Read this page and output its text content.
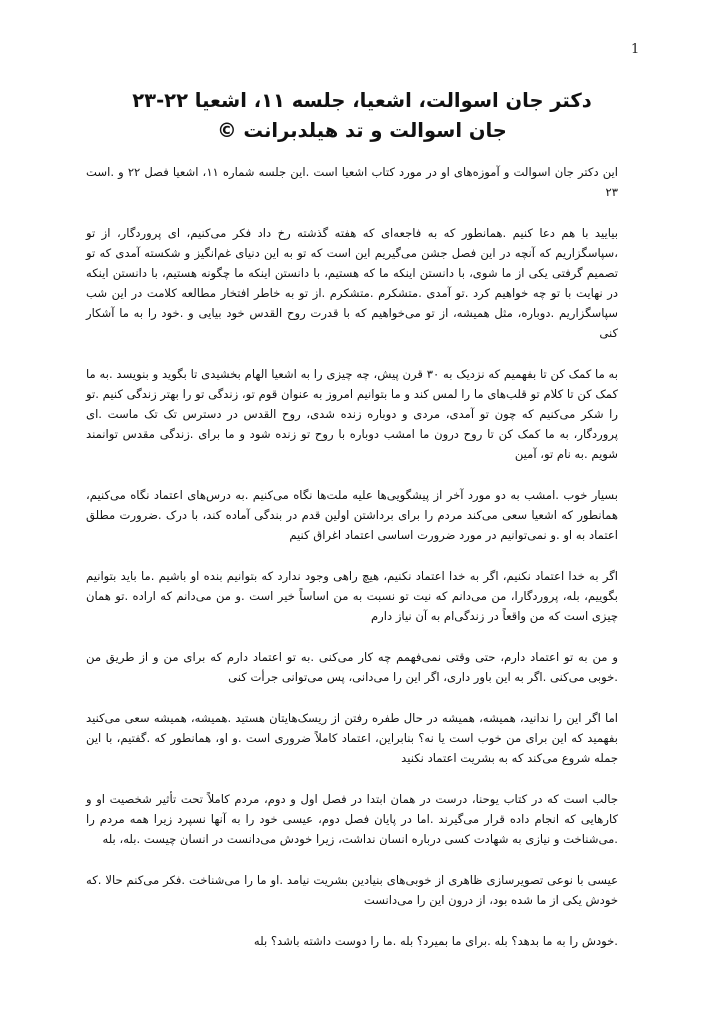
1

دکتر جان اسوالت، اشعیا، جلسه ۱۱، اشعیا ۲۲-۲۳

جان اسوالت و تد هیلدبرانت ©

این دکتر جان اسوالت و آموزه‌های او در مورد کتاب اشعیا است .این جلسه شماره ۱۱، اشعیا فصل ۲۲ و .است ۲۳

بیایید با هم دعا کنیم .همانطور که به فاجعه‌ای که هفته گذشته رخ داد فکر می‌کنیم، ای پروردگار، از تو ،سپاسگزاریم که آنچه در این فصل جشن می‌گیریم این است که تو به این دنیای غم‌انگیز و شکسته آمدی که تو تصمیم گرفتی یکی از ما شوی، با دانستن اینکه ما که هستیم، با دانستن اینکه ما چگونه هستیم، با دانستن اینکه در نهایت با تو چه خواهیم کرد .تو آمدی .متشکرم .متشکرم .از تو به خاطر افتخار مطالعه کلامت در این شب سپاسگزاریم .دوباره، مثل همیشه، از تو می‌خواهیم که با قدرت روح القدس خود بیایی و .خود را به ما آشکار کنی

به ما کمک کن تا بفهمیم که نزدیک به ۳۰ قرن پیش، چه چیزی را به اشعیا الهام بخشیدی تا بگوید و بنویسد .به ما کمک کن تا کلام تو قلب‌های ما را لمس کند و ما بتوانیم امروز به عنوان قوم تو، زندگی تو را بهتر زندگی کنیم .تو را شکر می‌کنیم که چون تو آمدی، مردی و دوباره زنده شدی، روح القدس در دسترس تک تک ماست .ای پروردگار، به ما کمک کن تا روح درون ما امشب دوباره با روح تو زنده شود و ما برای .زندگی مقدس توانمند شویم .به نام تو، آمین

بسیار خوب .امشب به دو مورد آخر از پیشگویی‌ها علیه ملت‌ها نگاه می‌کنیم .به درس‌های اعتماد نگاه می‌کنیم، همانطور که اشعیا سعی می‌کند مردم را برای برداشتن اولین قدم در بندگی آماده کند، با درک .ضرورت مطلق اعتماد به او .و نمی‌توانیم در مورد ضرورت اساسی اعتماد اغراق کنیم

اگر به خدا اعتماد نکنیم، اگر به خدا اعتماد نکنیم، هیچ راهی وجود ندارد که بتوانیم بنده او باشیم .ما باید بتوانیم بگوییم، بله، پروردگارا، من می‌دانم که نیت تو نسبت به من اساساً خیر است .و من می‌دانم که اراده .تو همان چیزی است که من واقعاً در زندگی‌ام به آن نیاز دارم

و من به تو اعتماد دارم، حتی وقتی نمی‌فهمم چه کار می‌کنی .به تو اعتماد دارم که برای من و از طریق من .خوبی می‌کنی .اگر به این باور داری، اگر این را می‌دانی، پس می‌توانی جرأت کنی

اما اگر این را ندانید، همیشه، همیشه در حال طفره رفتن از ریسک‌هایتان هستید .همیشه، همیشه سعی می‌کنید بفهمید که این برای من خوب است یا نه؟ بنابراین، اعتماد کاملاً ضروری است .و او، همانطور که .گفتیم، با این جمله شروع می‌کند که به بشریت اعتماد نکنید

جالب است که در کتاب یوحنا، درست در همان ابتدا در فصل اول و دوم، مردم کاملاً تحت تأثیر شخصیت او و کارهایی که انجام داده قرار می‌گیرند .اما در پایان فصل دوم، عیسی خود را به آنها نسپرد زیرا همه مردم را .می‌شناخت و نیازی به شهادت کسی درباره انسان نداشت، زیرا خودش می‌دانست در انسان چیست .بله، بله

عیسی با نوعی تصویرسازی ظاهری از خوبی‌های بنیادین بشریت نیامد .او ما را می‌شناخت .فکر می‌کنم حالا .که خودش یکی از ما شده بود، از درون این را می‌دانست

.خودش را به ما بدهد؟ بله .برای ما بمیرد؟ بله .ما را دوست داشته باشد؟ بله
